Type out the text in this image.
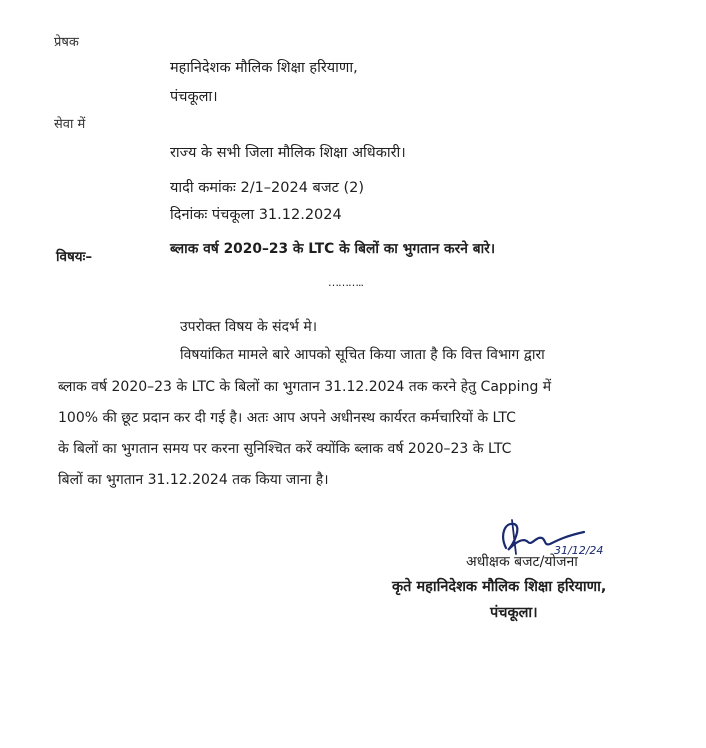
प्रेषक
महानिदेशक मौलिक शिक्षा हरियाणा,
पंचकूला।
सेवा में
राज्य के सभी जिला मौलिक शिक्षा अधिकारी।
यादी कमांकः 2/1–2024 बजट (2)
दिनांकः पंचकूला 31.12.2024
विषयः–	ब्लाक वर्ष 2020–23 के LTC के बिलों का भुगतान करने बारे।
………..
उपरोक्त विषय के संदर्भ मे।
विषयांकित मामले बारे आपको सूचित किया जाता है कि वित्त विभाग द्वारा
ब्लाक वर्ष 2020–23 के LTC के बिलों का भुगतान 31.12.2024 तक करने हेतु Capping में
100% की छूट प्रदान कर दी गई है। अतः आप अपने अधीनस्थ कार्यरत कर्मचारियों के LTC
के बिलों का भुगतान समय पर करना सुनिश्चित करें क्योंकि ब्लाक वर्ष 2020–23 के LTC
बिलों का भुगतान 31.12.2024 तक किया जाना है।
31/12/24
अधीक्षक बजट/योजना
कृते महानिदेशक मौलिक शिक्षा हरियाणा,
पंचकूला।
